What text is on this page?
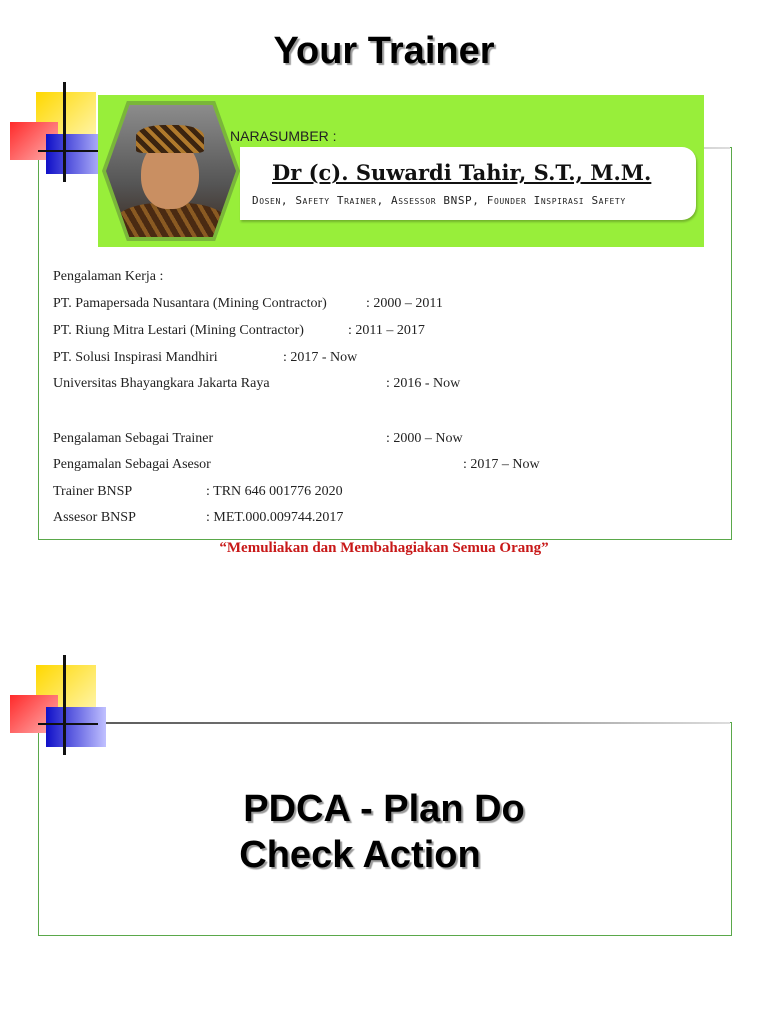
Your Trainer
NARASUMBER :
Dr (c). Suwardi Tahir, S.T., M.M.
Dosen, Safety Trainer, Assessor BNSP, Founder Inspirasi Safety
Pengalaman Kerja :
PT. Pamapersada Nusantara (Mining Contractor)	: 2000 – 2011
PT. Riung Mitra Lestari (Mining Contractor)	: 2011 – 2017
PT. Solusi Inspirasi Mandhiri	: 2017 - Now
Universitas Bhayangkara Jakarta Raya	: 2016 - Now
Pengalaman Sebagai Trainer	: 2000 – Now
Pengamalan Sebagai Asesor	: 2017 – Now
Trainer BNSP	: TRN 646 001776 2020
Assesor BNSP	: MET.000.009744.2017
“Memuliakan dan Membahagiakan Semua Orang”
PDCA - Plan Do
Check Action
